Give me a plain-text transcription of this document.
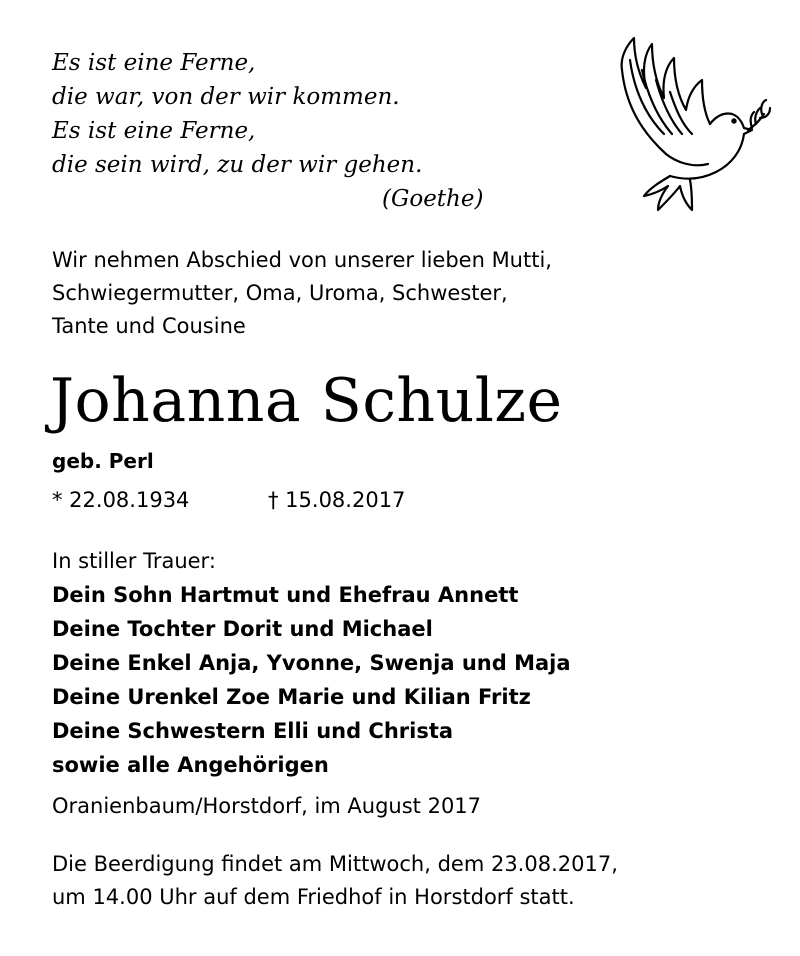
Es ist eine Ferne,
die war, von der wir kommen.
Es ist eine Ferne,
die sein wird, zu der wir gehen.
(Goethe)
Wir nehmen Abschied von unserer lieben Mutti,
Schwiegermutter, Oma, Uroma, Schwester,
Tante und Cousine
Johanna Schulze
geb. Perl
* 22.08.1934	† 15.08.2017
In stiller Trauer:
Dein Sohn Hartmut und Ehefrau Annett
Deine Tochter Dorit und Michael
Deine Enkel Anja, Yvonne, Swenja und Maja
Deine Urenkel Zoe Marie und Kilian Fritz
Deine Schwestern Elli und Christa
sowie alle Angehörigen
Oranienbaum/Horstdorf, im August 2017
Die Beerdigung findet am Mittwoch, dem 23.08.2017,
um 14.00 Uhr auf dem Friedhof in Horstdorf statt.
